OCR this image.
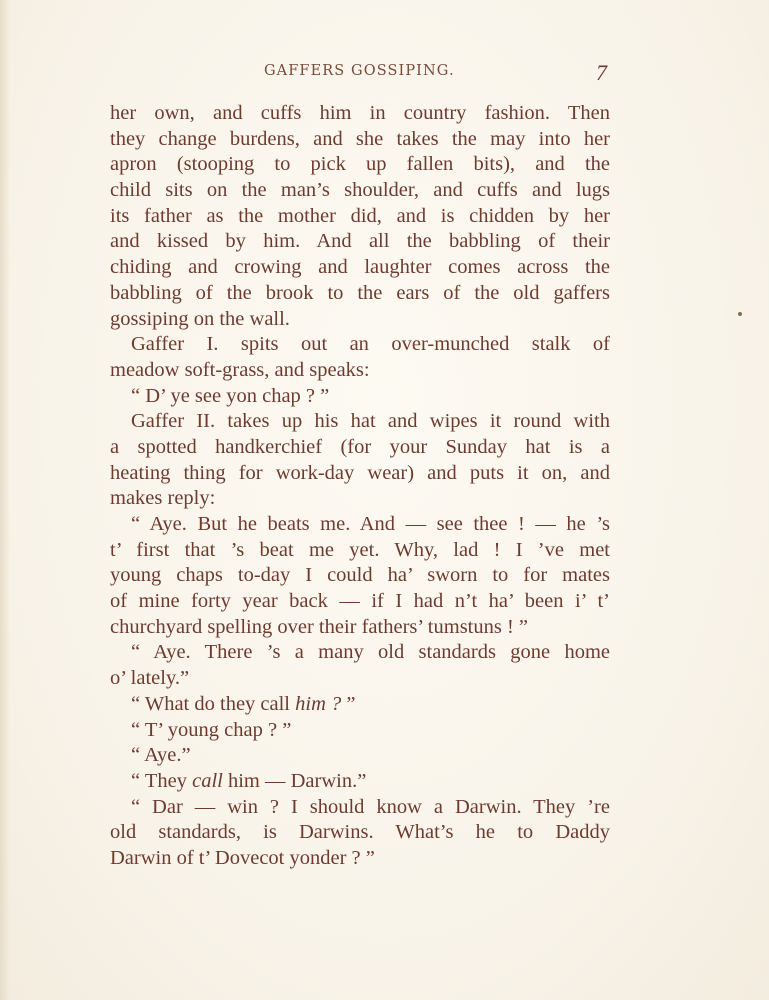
GAFFERS GOSSIPING.	7
her own, and cuffs him in country fashion. Then
they change burdens, and she takes the may into her
apron (stooping to pick up fallen bits), and the
child sits on the man’s shoulder, and cuffs and lugs
its father as the mother did, and is chidden by her
and kissed by him. And all the babbling of their
chiding and crowing and laughter comes across the
babbling of the brook to the ears of the old gaffers
gossiping on the wall.
Gaffer I. spits out an over-munched stalk of
meadow soft-grass, and speaks:
“ D’ ye see yon chap ? ”
Gaffer II. takes up his hat and wipes it round with
a spotted handkerchief (for your Sunday hat is a
heating thing for work-day wear) and puts it on, and
makes reply:
“ Aye. But he beats me. And — see thee ! — he ’s
t’ first that ’s beat me yet. Why, lad ! I ’ve met
young chaps to-day I could ha’ sworn to for mates
of mine forty year back — if I had n’t ha’ been i’ t’
churchyard spelling over their fathers’ tumstuns ! ”
“ Aye. There ’s a many old standards gone home
o’ lately.”
“ What do they call him ? ”
“ T’ young chap ? ”
“ Aye.”
“ They call him — Darwin.”
“ Dar — win ? I should know a Darwin. They ’re
old standards, is Darwins. What’s he to Daddy
Darwin of t’ Dovecot yonder ? ”
